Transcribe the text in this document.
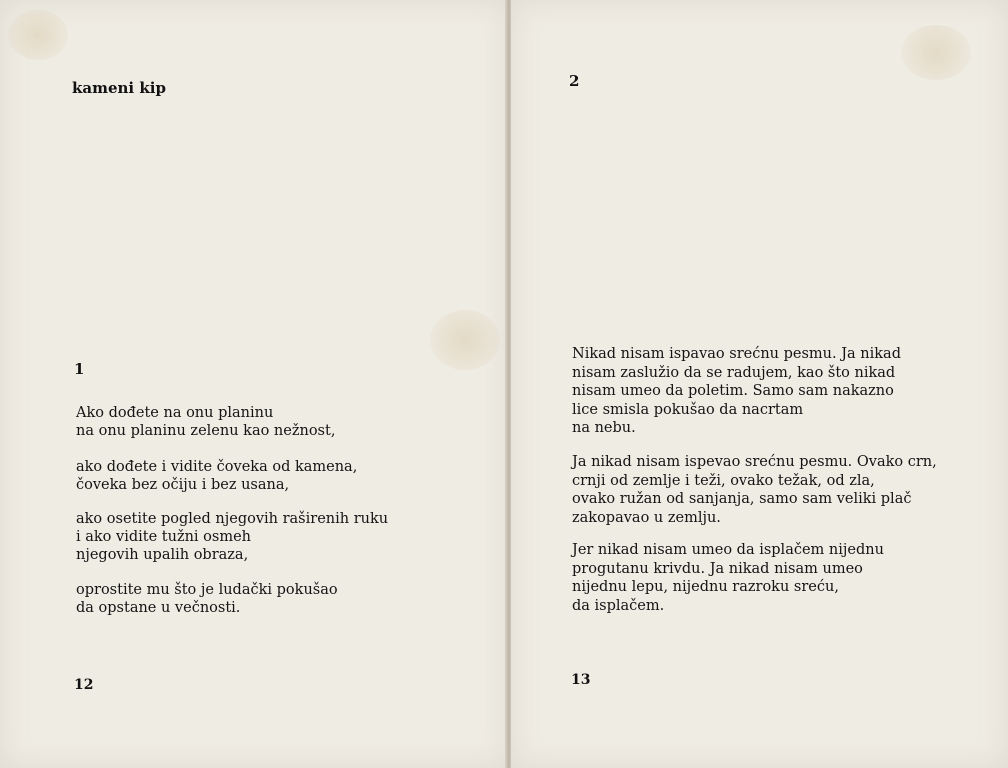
kameni kip
1
Ako dođete na onu planinu
na onu planinu zelenu kao nežnost,
ako dođete i vidite čoveka od kamena,
čoveka bez očiju i bez usana,
ako osetite pogled njegovih raširenih ruku
i ako vidite tužni osmeh
njegovih upalih obraza,
oprostite mu što je ludački pokušao
da opstane u večnosti.
12
2
Nikad nisam ispavao srećnu pesmu. Ja nikad
nisam zaslužio da se radujem, kao što nikad
nisam umeo da poletim. Samo sam nakazno
lice smisla pokušao da nacrtam
na nebu.
Ja nikad nisam ispevao srećnu pesmu. Ovako crn,
crnji od zemlje i teži, ovako težak, od zla,
ovako ružan od sanjanja, samo sam veliki plač
zakopavao u zemlju.
Jer nikad nisam umeo da isplačem nijednu
progutanu krivdu. Ja nikad nisam umeo
nijednu lepu, nijednu razroku sreću,
da isplačem.
13
